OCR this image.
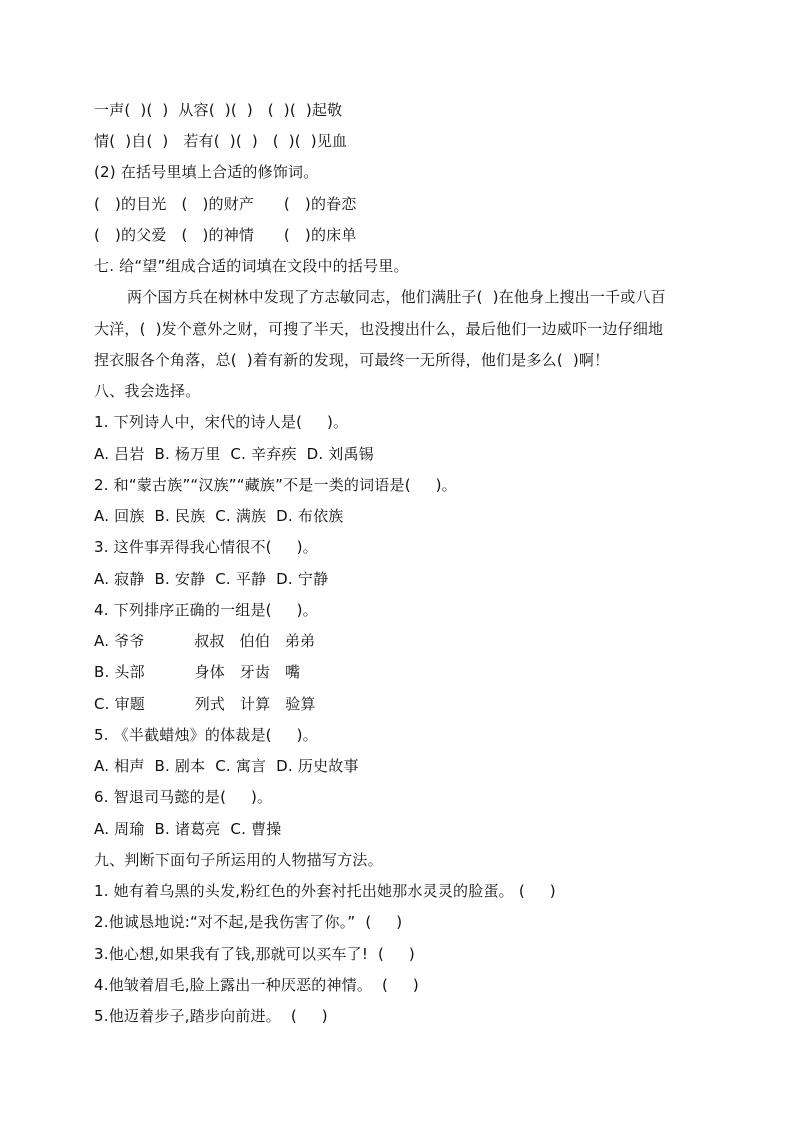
一声(  )(  )  从容(  )(  )   (  )(  )起敬
情(  )自(  )   若有(  )(  )   (  )(  )见血
(2) 在括号里填上合适的修饰词。
(   )的目光   (   )的财产      (   )的眷恋
(   )的父爱   (   )的神情      (   )的床单
七. 给“望”组成合适的词填在文段中的括号里。
两个国方兵在树林中发现了方志敏同志，他们满肚子(  )在他身上搜出一千或八百
大洋，(  )发个意外之财，可搜了半天，也没搜出什么，最后他们一边威吓一边仔细地
捏衣服各个角落，总(  )着有新的发现，可最终一无所得，他们是多么(  )啊！
八、我会选择。
1. 下列诗人中，宋代的诗人是(     )。
A. 吕岩  B. 杨万里  C. 辛弃疾  D. 刘禹锡
2. 和“蒙古族”“汉族”“藏族”不是一类的词语是(     )。
A. 回族  B. 民族  C. 满族  D. 布依族
3. 这件事弄得我心情很不(     )。
A. 寂静  B. 安静  C. 平静  D. 宁静
4. 下列排序正确的一组是(     )。
A. 爷爷          叔叔   伯伯   弟弟
B. 头部          身体   牙齿   嘴
C. 审题          列式   计算   验算
5. 《半截蜡烛》的体裁是(     )。
A. 相声  B. 剧本  C. 寓言  D. 历史故事
6. 智退司马懿的是(     )。
A. 周瑜  B. 诸葛亮  C. 曹操
九、判断下面句子所运用的人物描写方法。
1. 她有着乌黑的头发,粉红色的外套衬托出她那水灵灵的脸蛋。 (     )
2.他诚恳地说:“对不起,是我伤害了你。”  (     )
3.他心想,如果我有了钱,那就可以买车了!  (     )
4.他皱着眉毛,脸上露出一种厌恶的神情。  (     )
5.他迈着步子,踏步向前进。  (     )
